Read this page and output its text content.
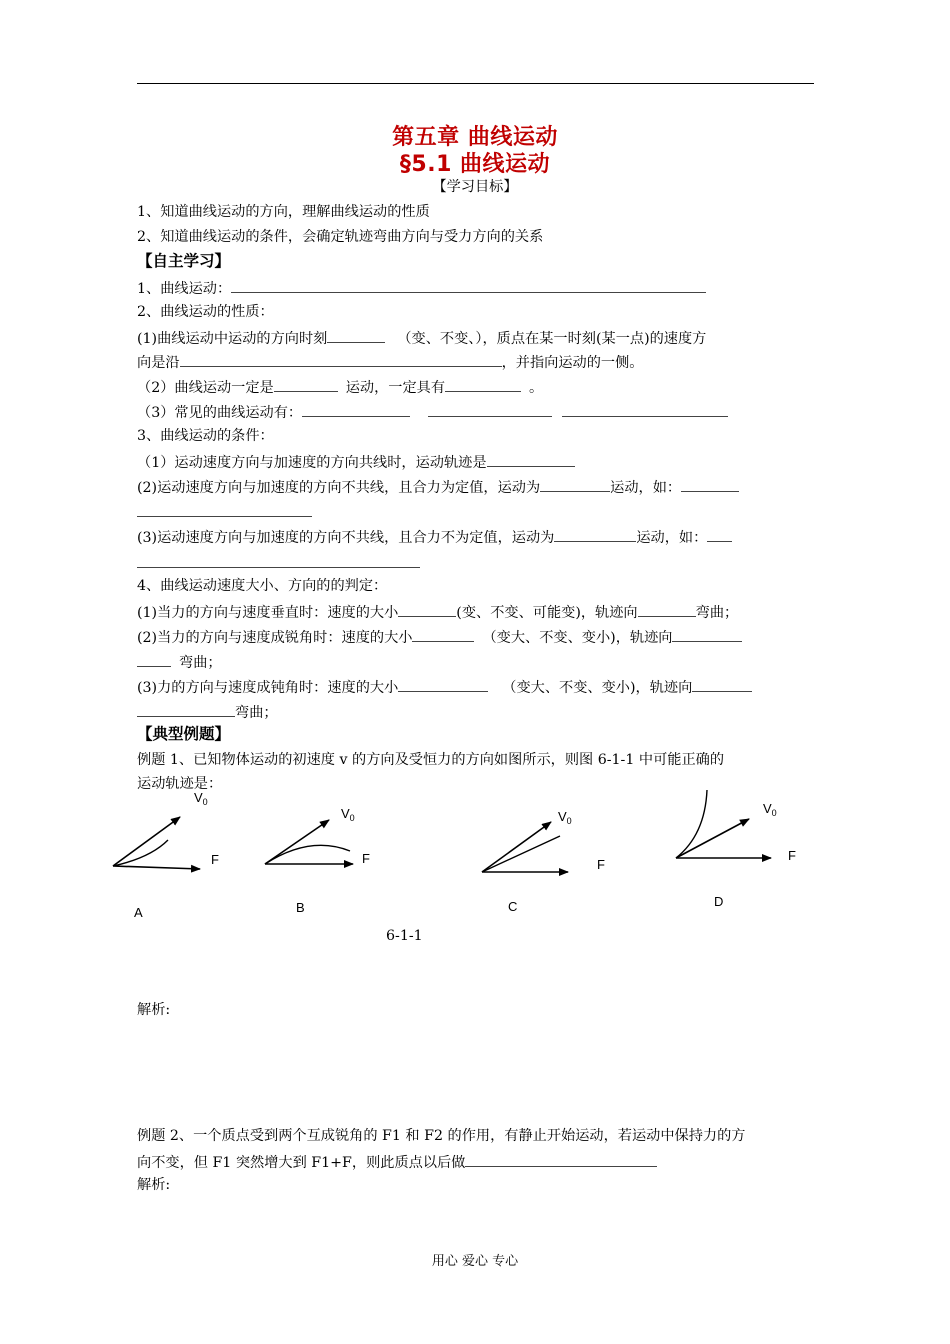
第五章 曲线运动
§5.1 曲线运动
【学习目标】
1、知道曲线运动的方向，理解曲线运动的性质
2、知道曲线运动的条件，会确定轨迹弯曲方向与受力方向的关系
【自主学习】
1、曲线运动：
2、曲线运动的性质：
(1)曲线运动中运动的方向时刻	（变、不变、），质点在某一时刻(某一点)的速度方
向是沿	，并指向运动的一侧。
（2）曲线运动一定是	运动，一定具有	。
（3）常见的曲线运动有：
3、曲线运动的条件：
（1）运动速度方向与加速度的方向共线时，运动轨迹是
(2)运动速度方向与加速度的方向不共线，且合力为定值，运动为	运动，如：
(3)运动速度方向与加速度的方向不共线，且合力不为定值，运动为	运动，如：
4、曲线运动速度大小、方向的的判定：
(1)当力的方向与速度垂直时：速度的大小	(变、不变、可能变)，轨迹向	弯曲；
(2)当力的方向与速度成锐角时：速度的大小	（变大、不变、变小)，轨迹向
弯曲；
(3)力的方向与速度成钝角时：速度的大小	（变大、不变、变小)，轨迹向
弯曲；
【典型例题】
例题 1、已知物体运动的初速度 v 的方向及受恒力的方向如图所示，则图 6-1-1 中可能正确的
运动轨迹是：
$V_0$
F
A
$V_0$
F
B
$V_0$
F
C
$V_0$
F
D
6-1-1
解析:
例题 2、一个质点受到两个互成锐角的 F1 和 F2 的作用，有静止开始运动，若运动中保持力的方
向不变，但 F1 突然增大到 F1+F，则此质点以后做
解析:
用心 爱心 专心
